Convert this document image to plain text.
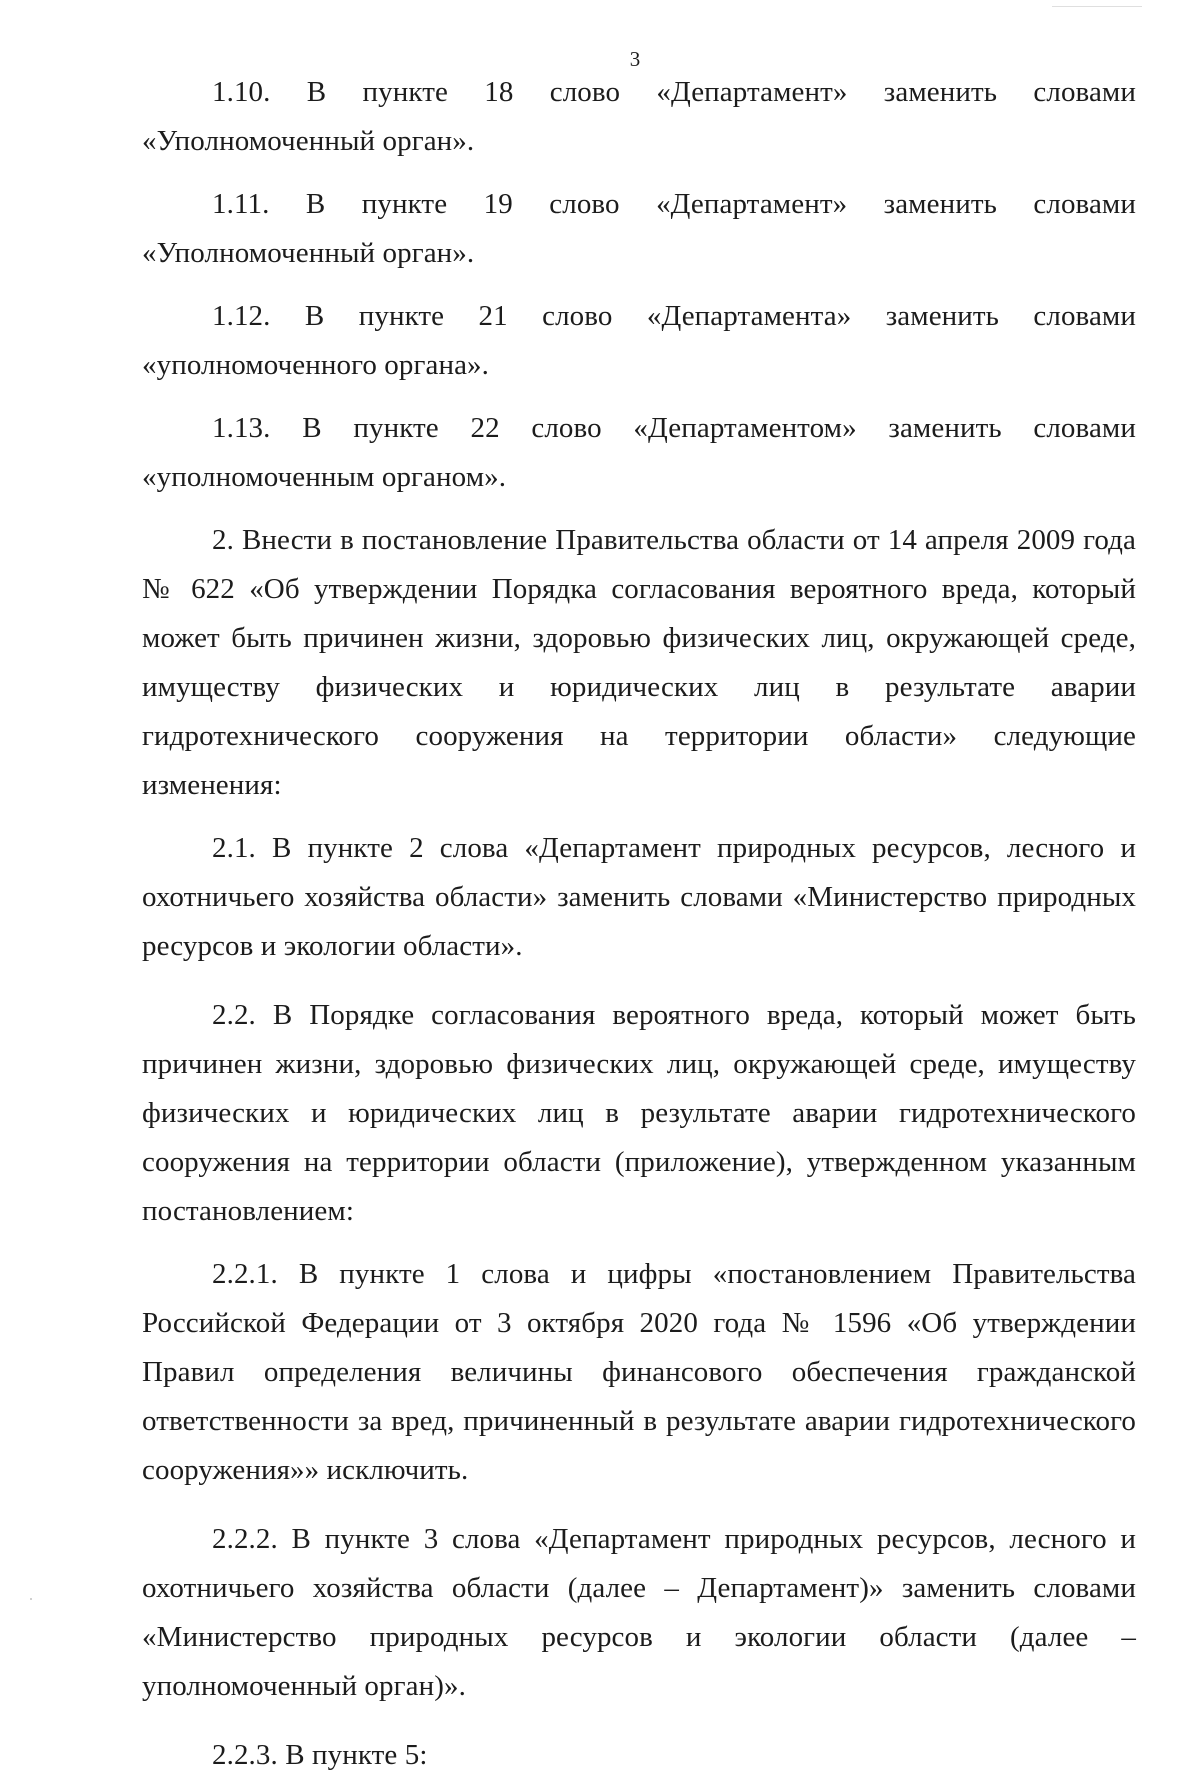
3

1.10. В пункте 18 слово «Департамент» заменить словами «Уполномоченный орган».

1.11. В пункте 19 слово «Департамент» заменить словами «Уполномоченный орган».

1.12. В пункте 21 слово «Департамента» заменить словами «уполномоченного органа».

1.13. В пункте 22 слово «Департаментом» заменить словами «уполномоченным органом».

2. Внести в постановление Правительства области от 14 апреля 2009 года № 622 «Об утверждении Порядка согласования вероятного вреда, который может быть причинен жизни, здоровью физических лиц, окружающей среде, имуществу физических и юридических лиц в результате аварии гидротехнического сооружения на территории области» следующие изменения:

2.1. В пункте 2 слова «Департамент природных ресурсов, лесного и охотничьего хозяйства области» заменить словами «Министерство природных ресурсов и экологии области».

2.2. В Порядке согласования вероятного вреда, который может быть причинен жизни, здоровью физических лиц, окружающей среде, имуществу физических и юридических лиц в результате аварии гидротехнического сооружения на территории области (приложение), утвержденном указанным постановлением:

2.2.1. В пункте 1 слова и цифры «постановлением Правительства Российской Федерации от 3 октября 2020 года № 1596 «Об утверждении Правил определения величины финансового обеспечения гражданской ответственности за вред, причиненный в результате аварии гидротехнического сооружения»» исключить.

2.2.2. В пункте 3 слова «Департамент природных ресурсов, лесного и охотничьего хозяйства области (далее – Департамент)» заменить словами «Министерство природных ресурсов и экологии области (далее – уполномоченный орган)».

2.2.3. В пункте 5:
